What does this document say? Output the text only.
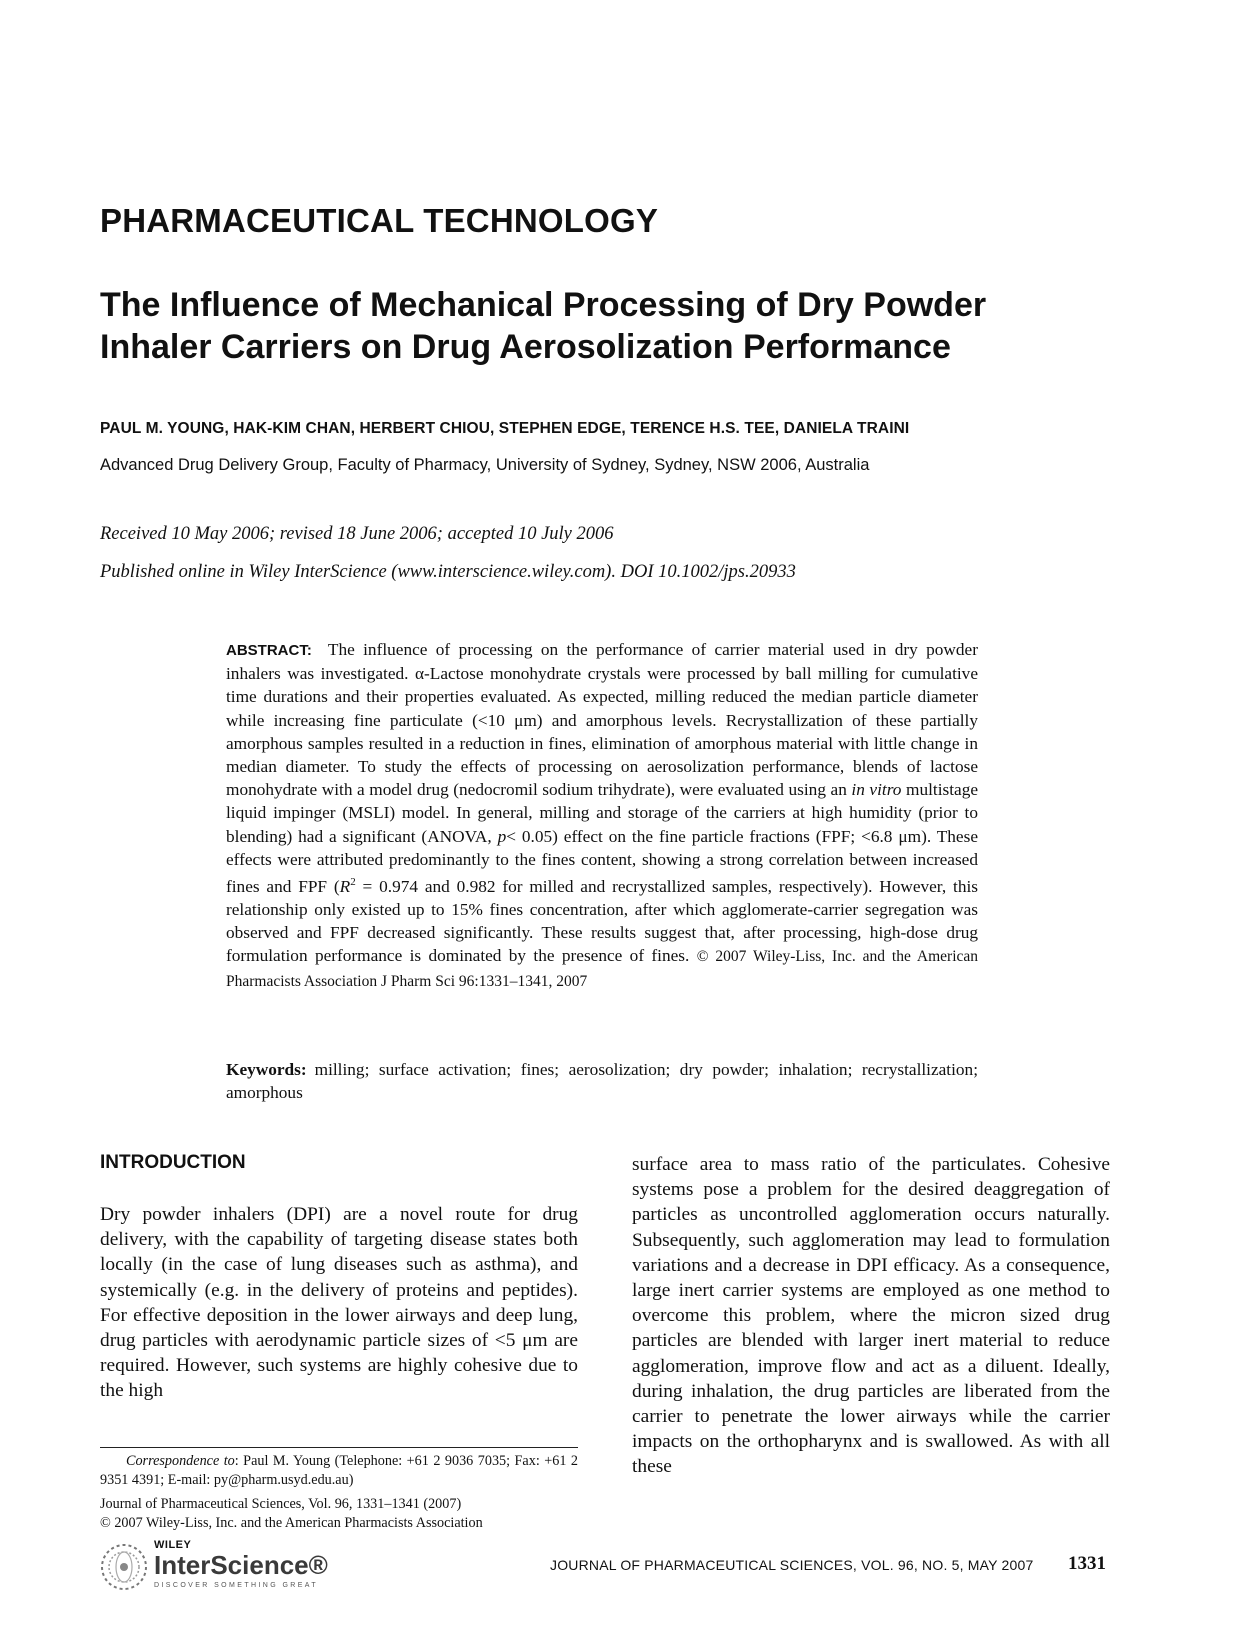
PHARMACEUTICAL TECHNOLOGY
The Influence of Mechanical Processing of Dry Powder
Inhaler Carriers on Drug Aerosolization Performance
PAUL M. YOUNG, HAK-KIM CHAN, HERBERT CHIOU, STEPHEN EDGE, TERENCE H.S. TEE, DANIELA TRAINI
Advanced Drug Delivery Group, Faculty of Pharmacy, University of Sydney, Sydney, NSW 2006, Australia
Received 10 May 2006; revised 18 June 2006; accepted 10 July 2006
Published online in Wiley InterScience (www.interscience.wiley.com). DOI 10.1002/jps.20933
ABSTRACT: The influence of processing on the performance of carrier material used in dry powder inhalers was investigated. α-Lactose monohydrate crystals were processed by ball milling for cumulative time durations and their properties evaluated. As expected, milling reduced the median particle diameter while increasing fine particulate (<10 μm) and amorphous levels. Recrystallization of these partially amorphous samples resulted in a reduction in fines, elimination of amorphous material with little change in median diameter. To study the effects of processing on aerosolization performance, blends of lactose monohydrate with a model drug (nedocromil sodium trihydrate), were evaluated using an in vitro multistage liquid impinger (MSLI) model. In general, milling and storage of the carriers at high humidity (prior to blending) had a significant (ANOVA, p< 0.05) effect on the fine particle fractions (FPF; <6.8 μm). These effects were attributed predominantly to the fines content, showing a strong correlation between increased fines and FPF ($R^2 = 0.974$ and 0.982 for milled and recrystallized samples, respectively). However, this relationship only existed up to 15% fines concentration, after which agglomerate-carrier segregation was observed and FPF decreased significantly. These results suggest that, after processing, high-dose drug formulation performance is dominated by the presence of fines. © 2007 Wiley-Liss, Inc. and the American Pharmacists Association J Pharm Sci 96:1331–1341, 2007
Keywords: milling; surface activation; fines; aerosolization; dry powder; inhalation; recrystallization; amorphous
INTRODUCTION
Dry powder inhalers (DPI) are a novel route for drug delivery, with the capability of targeting disease states both locally (in the case of lung diseases such as asthma), and systemically (e.g. in the delivery of proteins and peptides). For effective deposition in the lower airways and deep lung, drug particles with aerodynamic particle sizes of <5 μm are required. However, such systems are highly cohesive due to the high
surface area to mass ratio of the particulates. Cohesive systems pose a problem for the desired deaggregation of particles as uncontrolled agglomeration occurs naturally. Subsequently, such agglomeration may lead to formulation variations and a decrease in DPI efficacy. As a consequence, large inert carrier systems are employed as one method to overcome this problem, where the micron sized drug particles are blended with larger inert material to reduce agglomeration, improve flow and act as a diluent. Ideally, during inhalation, the drug particles are liberated from the carrier to penetrate the lower airways while the carrier impacts on the orthopharynx and is swallowed. As with all these

Correspondence to: Paul M. Young (Telephone: +61 2 9036 7035; Fax: +61 2 9351 4391; E-mail: py@pharm.usyd.edu.au)

Journal of Pharmaceutical Sciences, Vol. 96, 1331–1341 (2007)

© 2007 Wiley-Liss, Inc. and the American Pharmacists Association

WILEY
InterScience®
DISCOVER SOMETHING GREAT
JOURNAL OF PHARMACEUTICAL SCIENCES, VOL. 96, NO. 5, MAY 2007 1331
